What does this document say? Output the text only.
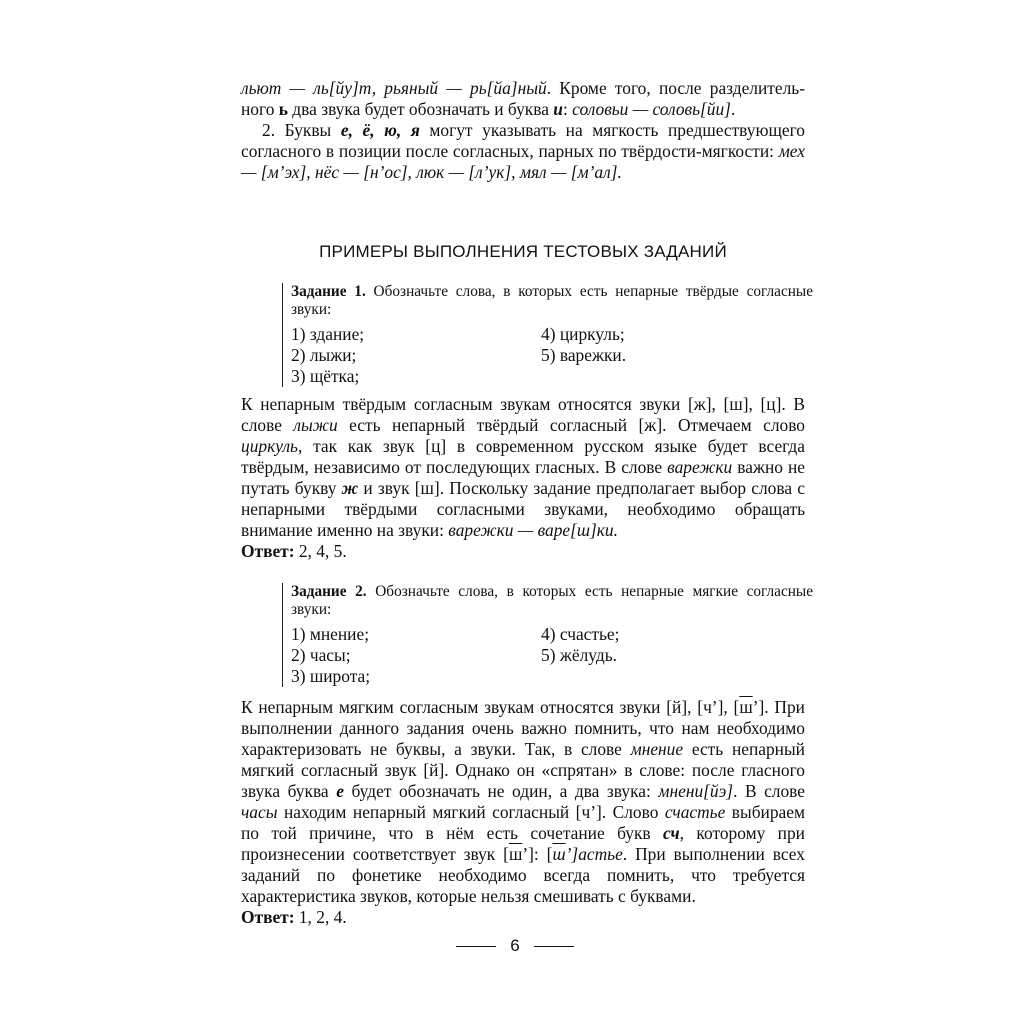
льют — ль[йу]т, рьяный — рь[йа]ный. Кроме того, после разделитель- ного ь два звука будет обозначать и буква и: соловьи — соловь[йи].

2. Буквы е, ё, ю, я могут указывать на мягкость предшествующего согласного в позиции после согласных, парных по твёрдости-мягкости: мех — [м’эх], нёс — [н’ос], люк — [л’ук], мял — [м’ал].

ПРИМЕРЫ ВЫПОЛНЕНИЯ ТЕСТОВЫХ ЗАДАНИЙ

Задание 1. Обозначьте слова, в которых есть непарные твёрдые согласные звуки:

1) здание;	4) циркуль;
2) лыжи;	5) варежки.
3) щётка;

К непарным твёрдым согласным звукам относятся звуки [ж], [ш], [ц]. В слове лыжи есть непарный твёрдый согласный [ж]. Отмечаем слово циркуль, так как звук [ц] в современном русском языке будет всегда твёрдым, независимо от последующих гласных. В слове варежки важно не путать букву ж и звук [ш]. Поскольку задание предполагает выбор слова с непарными твёрдыми согласными звуками, необходимо обращать внимание именно на звуки: варежки — варе[ш]ки.

Ответ: 2, 4, 5.

Задание 2. Обозначьте слова, в которых есть непарные мягкие согласные звуки:

1) мнение;	4) счастье;
2) часы;	5) жёлудь.
3) широта;

К непарным мягким согласным звукам относятся звуки [й], [ч’], [ш’]. При выполнении данного задания очень важно помнить, что нам необходимо характеризовать не буквы, а звуки. Так, в слове мнение есть непарный мягкий согласный звук [й]. Однако он «спрятан» в слове: после гласного звука буква е будет обозначать не один, а два звука: мнени[йэ]. В слове часы находим непарный мягкий согласный [ч’]. Слово счастье выбираем по той причине, что в нём есть сочетание букв сч, которому при произнесении соответствует звук [ш’]: [ш’]астье. При выполнении всех заданий по фонетике необходимо всегда помнить, что требуется характеристика звуков, которые нельзя смешивать с буквами.

Ответ: 1, 2, 4.

6
